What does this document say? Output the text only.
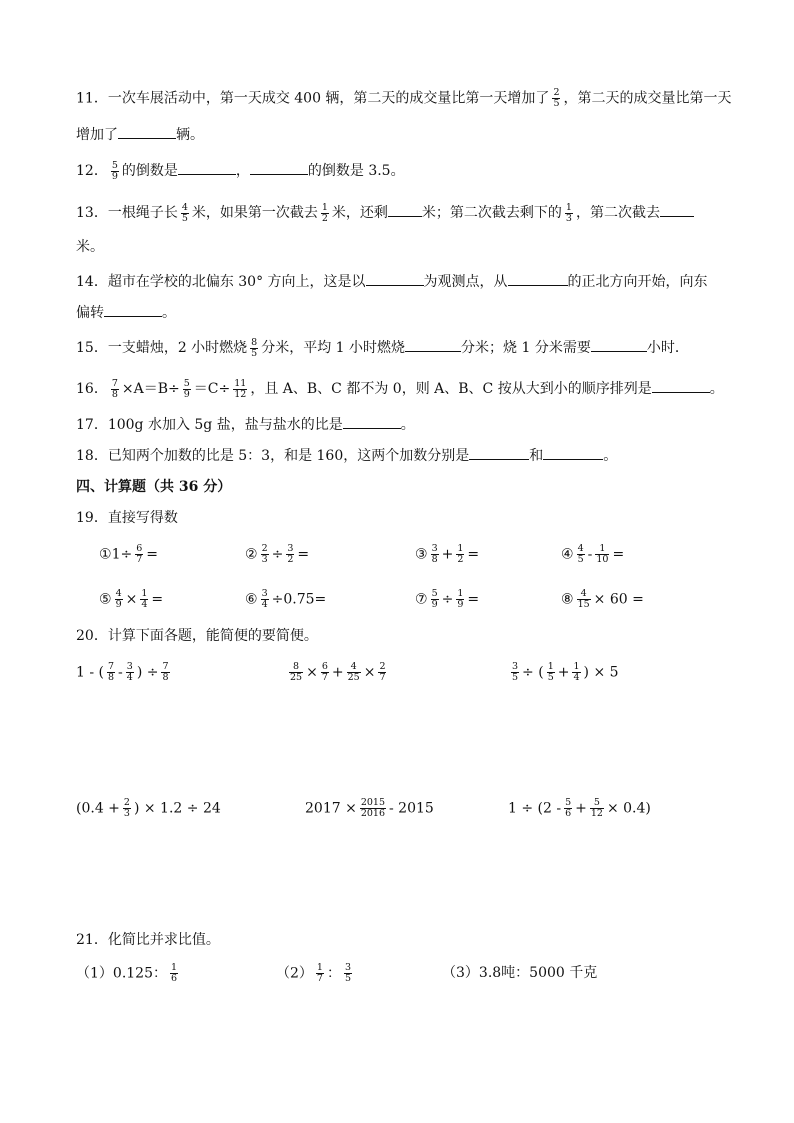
11．一次车展活动中，第一天成交 400 辆，第二天的成交量比第一天增加了 $\frac{2}{5}$ ，第二天的成交量比第一天
增加了	辆。
12． $\frac{5}{9}$ 的倒数是	，	的倒数是 3.5。
13．一根绳子长 $\frac{4}{5}$ 米，如果第一次截去 $\frac{1}{2}$ 米，还剩 米；第二次截去剩下的 $\frac{1}{3}$ ，第二次截去
米。
14．超市在学校的北偏东 30° 方向上，这是以	为观测点，从	的正北方向开始，向东
偏转	。
15．一支蜡烛，2 小时燃烧 $\frac{8}{5}$ 分米，平均 1 小时燃烧	分米；烧 1 分米需要	小时．
16． $\frac{7}{8} \times A=B\div \frac{5}{9} =C\div \frac{11}{12}$ ，且 A、B、C 都不为 0，则 A、B、C 按从大到小的顺序排列是	。
17．100g 水加入 5g 盐，盐与盐水的比是	。
18．已知两个加数的比是 5：3，和是 160，这两个加数分别是	和	。
四、计算题（共 36 分）
19．直接写得数
①1÷ $\frac{6}{7}$ =	② $\frac{2}{3} \div \frac{3}{2}$ =	③ $\frac{3}{8} + \frac{1}{2}$ =	④ $\frac{4}{5} - \frac{1}{10}$ =
⑤ $\frac{4}{9} \times \frac{1}{4}$ =	⑥ $\frac{3}{4} \div 0.75=$	⑦ $\frac{5}{9} \div \frac{1}{9}$ =	⑧ $\frac{4}{15} \times 60$ =
20．计算下面各题，能简便的要简便。
1 - ( $\frac{7}{8} - \frac{3}{4}$ ) ÷ $\frac{7}{8}$	$\frac{8}{25} \times \frac{6}{7} + \frac{4}{25} \times \frac{2}{7}$	$\frac{3}{5}$ ÷ ( $\frac{1}{5} + \frac{1}{4}$ ) × 5
($0.4 + \frac{2}{3}$ ) × 1.2 ÷ 24	$2017 \times \frac{2015}{2016} - 2015$	$1 \div (2 - \frac{5}{6} + \frac{5}{12} \times 0.4)$
21．化简比并求比值。
（1）0.125： $\frac{1}{6}$	$(2) \frac{1}{7}$ ： $\frac{3}{5}$	（3）3.8吨：5000 千克
